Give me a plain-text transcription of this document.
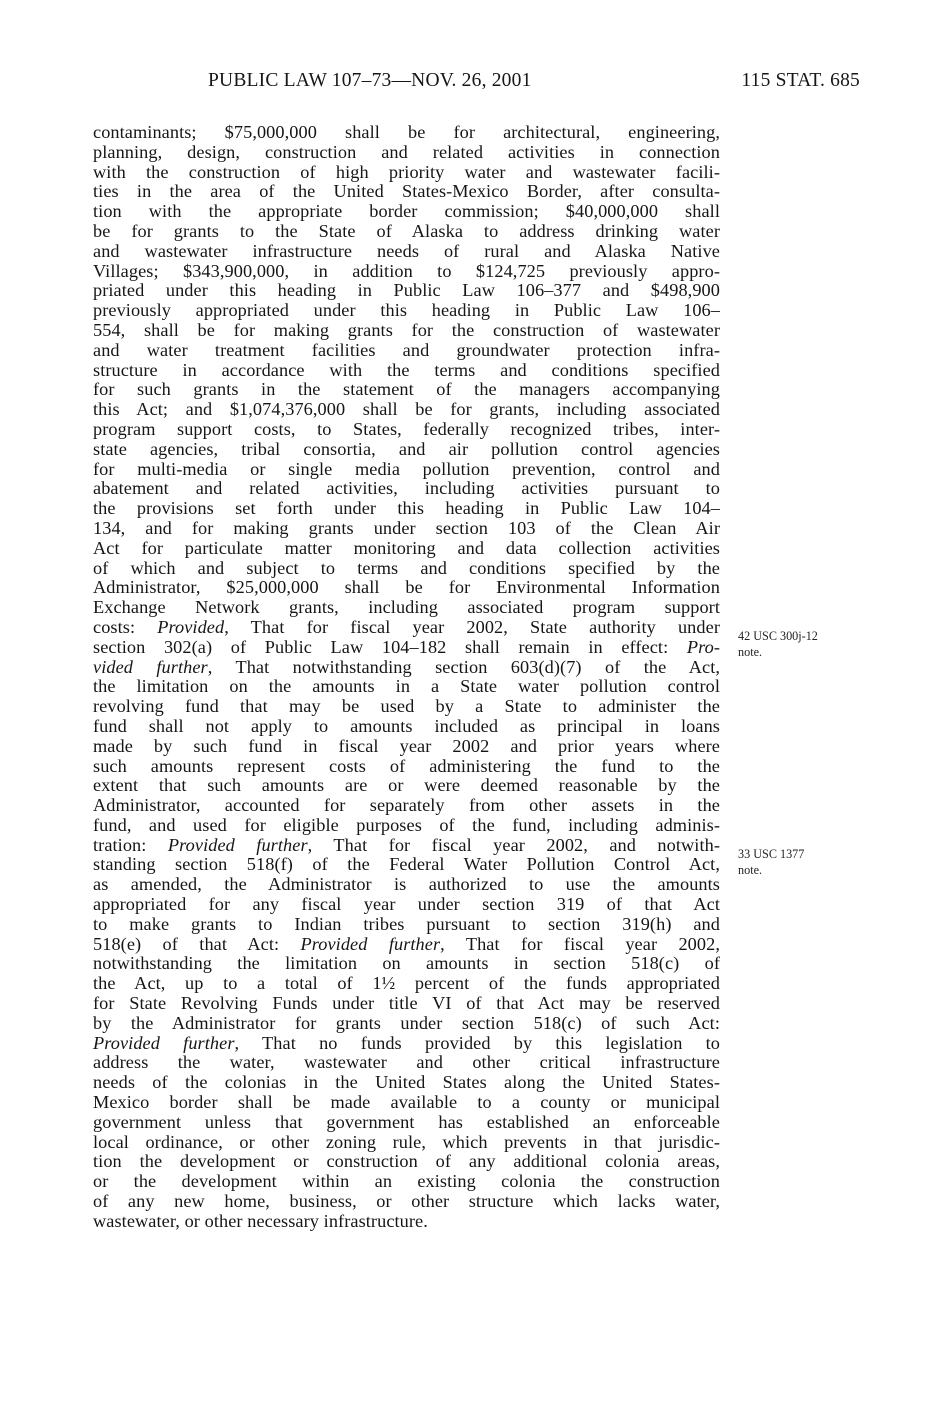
PUBLIC LAW 107–73—NOV. 26, 2001	115 STAT. 685
contaminants; $75,000,000 shall be for architectural, engineering,
planning, design, construction and related activities in connection
with the construction of high priority water and wastewater facili-
ties in the area of the United States-Mexico Border, after consulta-
tion with the appropriate border commission; $40,000,000 shall
be for grants to the State of Alaska to address drinking water
and wastewater infrastructure needs of rural and Alaska Native
Villages; $343,900,000, in addition to $124,725 previously appro-
priated under this heading in Public Law 106–377 and $498,900
previously appropriated under this heading in Public Law 106–
554, shall be for making grants for the construction of wastewater
and water treatment facilities and groundwater protection infra-
structure in accordance with the terms and conditions specified
for such grants in the statement of the managers accompanying
this Act; and $1,074,376,000 shall be for grants, including associated
program support costs, to States, federally recognized tribes, inter-
state agencies, tribal consortia, and air pollution control agencies
for multi-media or single media pollution prevention, control and
abatement and related activities, including activities pursuant to
the provisions set forth under this heading in Public Law 104–
134, and for making grants under section 103 of the Clean Air
Act for particulate matter monitoring and data collection activities
of which and subject to terms and conditions specified by the
Administrator, $25,000,000 shall be for Environmental Information
Exchange Network grants, including associated program support
costs: Provided, That for fiscal year 2002, State authority under
section 302(a) of Public Law 104–182 shall remain in effect: Pro-
vided further, That notwithstanding section 603(d)(7) of the Act,
the limitation on the amounts in a State water pollution control
revolving fund that may be used by a State to administer the
fund shall not apply to amounts included as principal in loans
made by such fund in fiscal year 2002 and prior years where
such amounts represent costs of administering the fund to the
extent that such amounts are or were deemed reasonable by the
Administrator, accounted for separately from other assets in the
fund, and used for eligible purposes of the fund, including adminis-
tration: Provided further, That for fiscal year 2002, and notwith-
standing section 518(f) of the Federal Water Pollution Control Act,
as amended, the Administrator is authorized to use the amounts
appropriated for any fiscal year under section 319 of that Act
to make grants to Indian tribes pursuant to section 319(h) and
518(e) of that Act: Provided further, That for fiscal year 2002,
notwithstanding the limitation on amounts in section 518(c) of
the Act, up to a total of 1½ percent of the funds appropriated
for State Revolving Funds under title VI of that Act may be reserved
by the Administrator for grants under section 518(c) of such Act:
Provided further, That no funds provided by this legislation to
address the water, wastewater and other critical infrastructure
needs of the colonias in the United States along the United States-
Mexico border shall be made available to a county or municipal
government unless that government has established an enforceable
local ordinance, or other zoning rule, which prevents in that jurisdic-
tion the development or construction of any additional colonia areas,
or the development within an existing colonia the construction
of any new home, business, or other structure which lacks water,
wastewater, or other necessary infrastructure.
42 USC 300j-12
note.
33 USC 1377
note.
